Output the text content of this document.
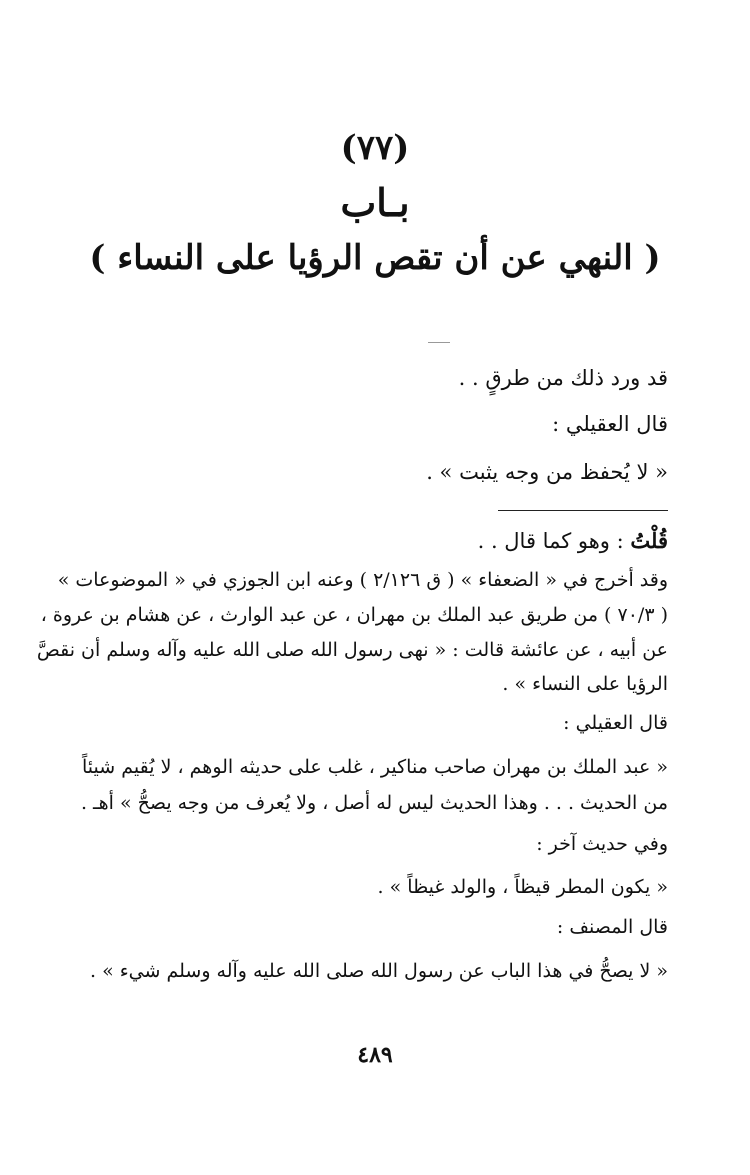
(٧٧)
بـاب
( النهي عن أن تقص الرؤيا على النساء )
قد ورد ذلك من طرقٍ . .
قال العقيلي :
« لا يُحفظ من وجه يثبت » .
قُلْتُ : وهو كما قال . .
وقد أخرج في « الضعفاء » ( ق ٢/١٢٦ ) وعنه ابن الجوزي في « الموضوعات »
( ٧٠/٣ ) من طريق عبد الملك بن مهران ، عن عبد الوارث ، عن هشام بن عروة ،
عن أبيه ، عن عائشة قالت : « نهى رسول الله صلى الله عليه وآله وسلم أن نقصَّ
الرؤيا على النساء » .
قال العقيلي :
« عبد الملك بن مهران صاحب مناكير ، غلب على حديثه الوهم ، لا يُقيم شيئاً
من الحديث . . . وهذا الحديث ليس له أصل ، ولا يُعرف من وجه يصحُّ » أهـ .
وفي حديث آخر :
« يكون المطر قيظاً ، والولد غيظاً » .
قال المصنف :
« لا يصحُّ في هذا الباب عن رسول الله صلى الله عليه وآله وسلم شيء » .
٤٨٩
